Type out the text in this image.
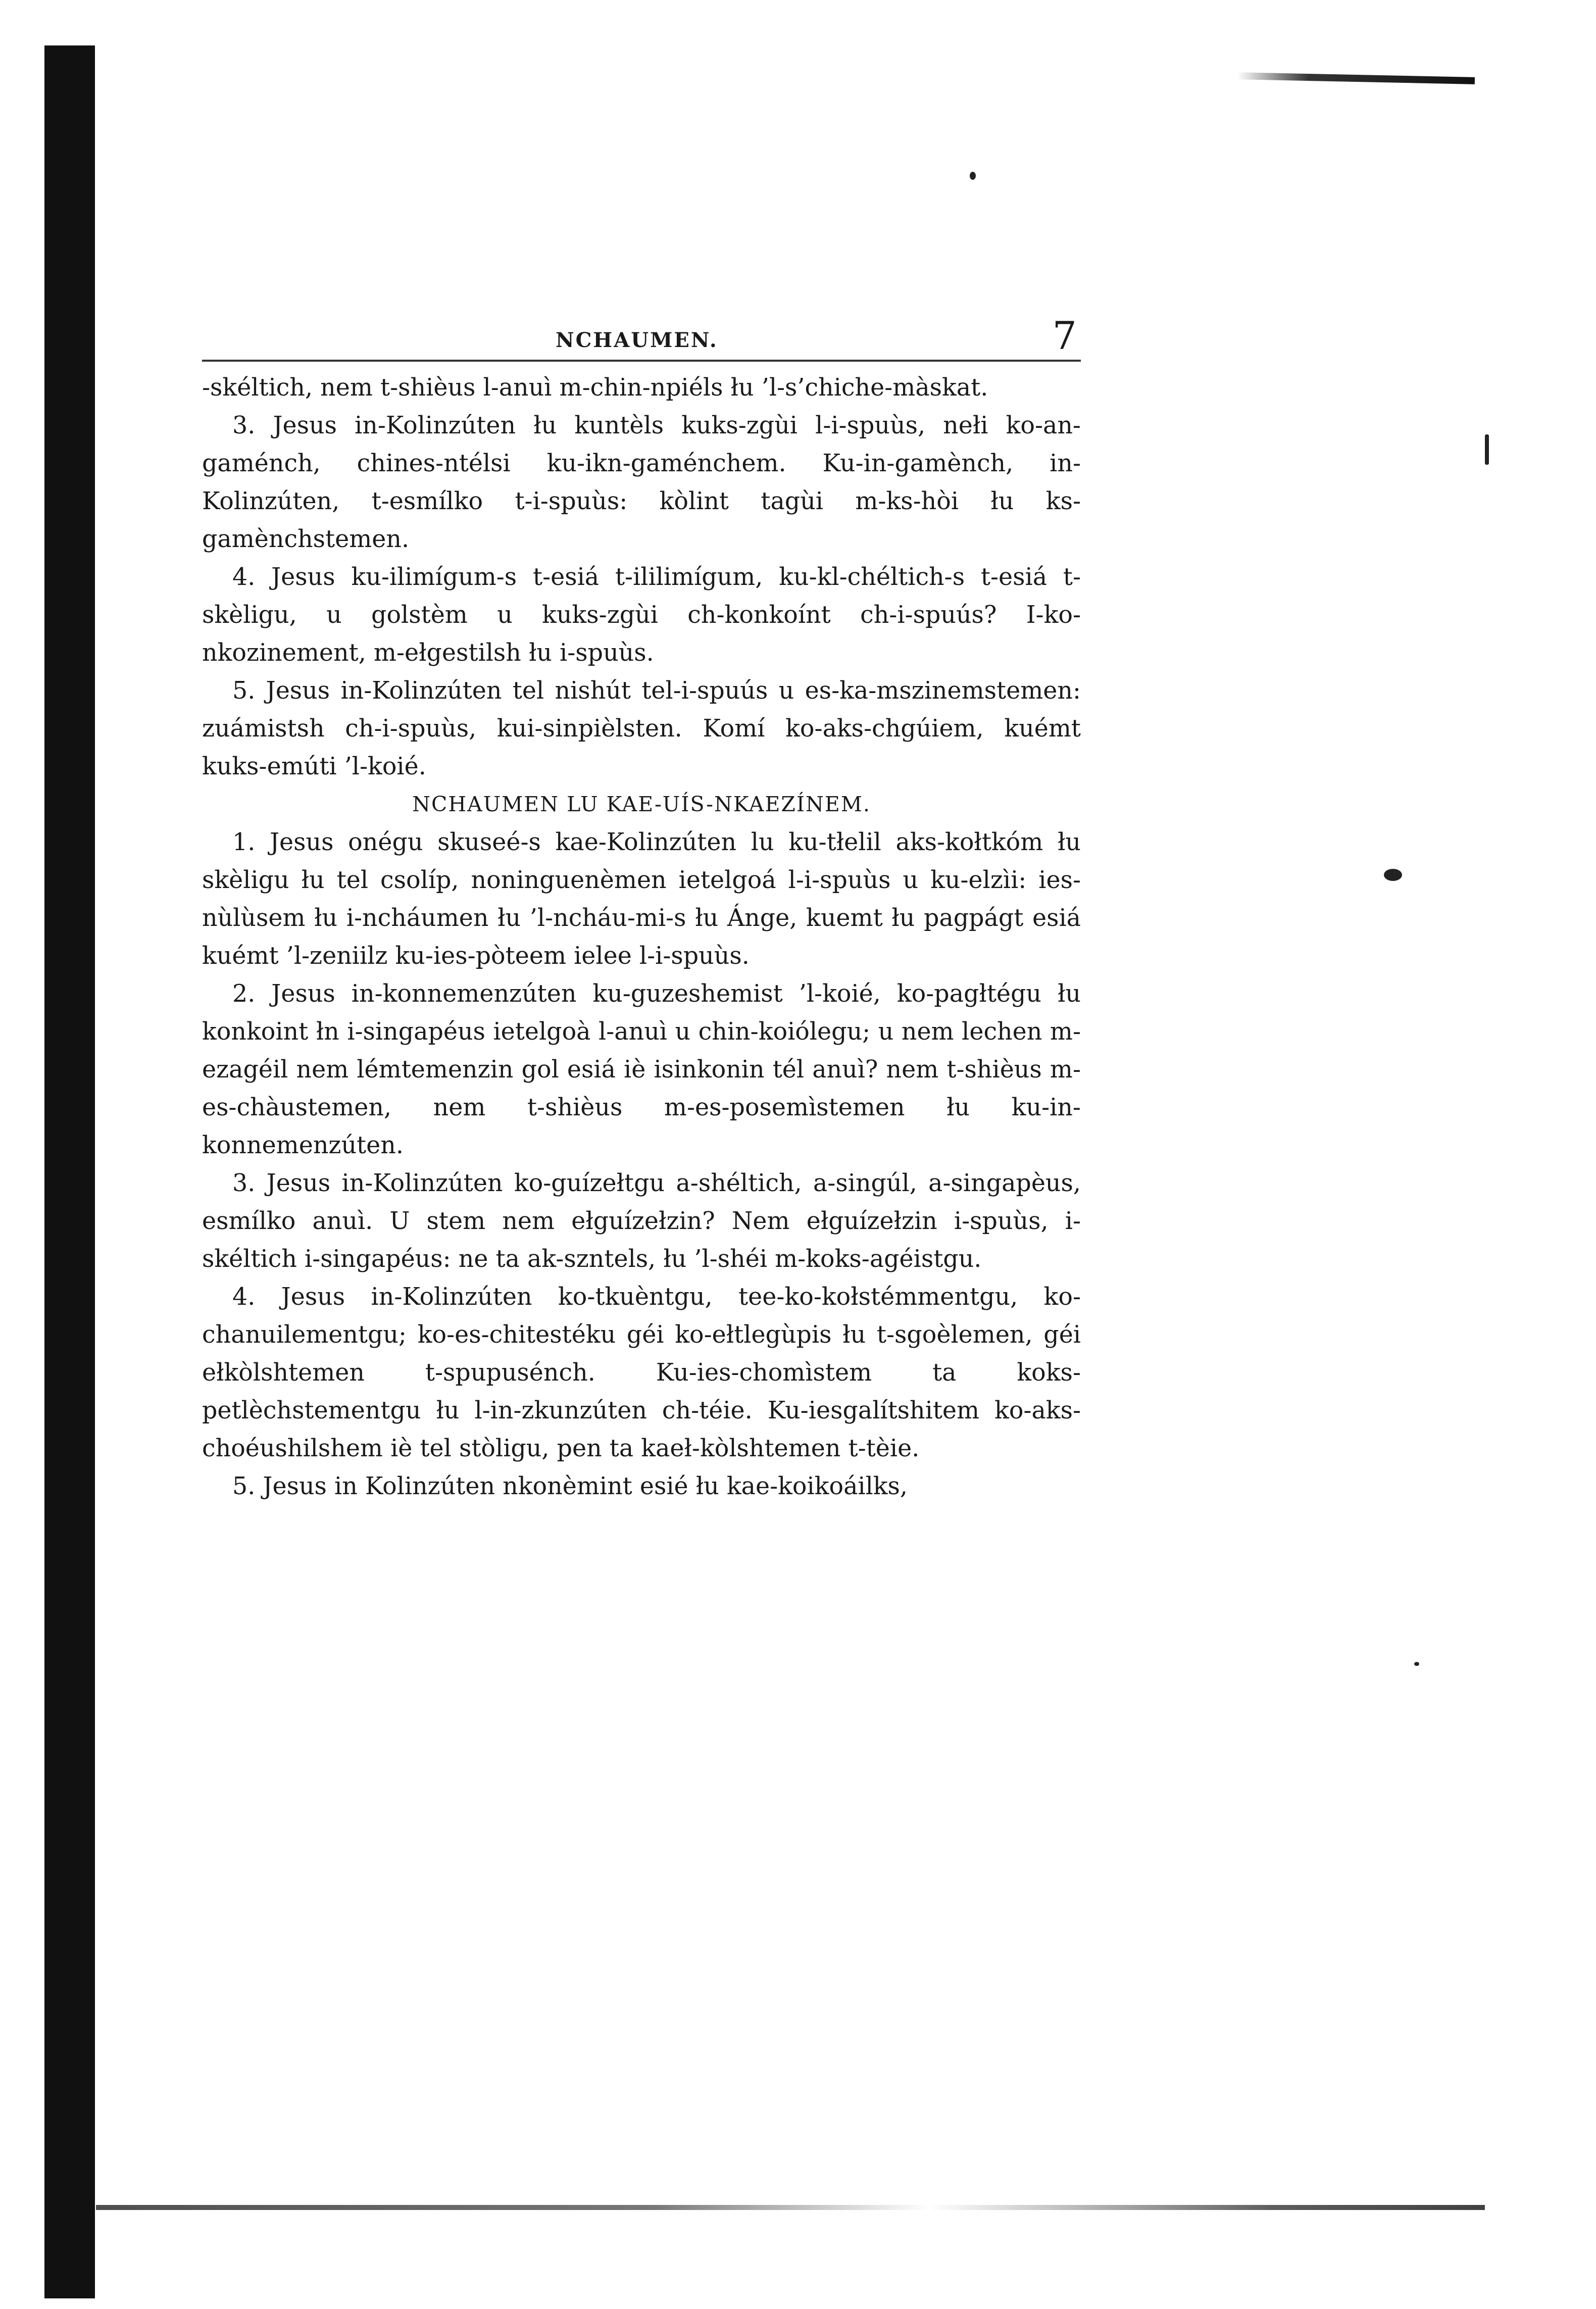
NCHAUMEN.	7

-skéltich, nem t-shièus l-anuì m-chin-npiéls łu ’l-s’chiche-màskat.

3. Jesus in-Kolinzúten łu kuntèls kuks-zgùi l-i-spuùs, nełi ko-an-gaménch, chines-ntélsi ku-ikn-gaménchem. Ku-in-gamènch, in-Kolinzúten, t-esmílko t-i-spuùs: kòlint tagùi m-ks-hòi łu ks-gamènchstemen.

4. Jesus ku-ilimígum-s t-esiá t-ililimígum, ku-kl-chéltich-s t-esiá t-skèligu, u golstèm u kuks-zgùi ch-konkoínt ch-i-spuús? I-ko-nkozinement, m-ełgestilsh łu i-spuùs.

5. Jesus in-Kolinzúten tel nishút tel-i-spuús u es-ka-mszinemstemen: zuámistsh ch-i-spuùs, kui-sinpièlsten. Komí ko-aks-chgúiem, kuémt kuks-emúti ’l-koié.

NCHAUMEN LU KAE-UÍS-NKAEZÍNEM.

1. Jesus onégu skuseé-s kae-Kolinzúten lu ku-tłelil aks-kołtkóm łu skèligu łu tel csolíp, noninguenèmen ietelgoá l-i-spuùs u ku-elzìi: ies-nùlùsem łu i-ncháumen łu ’l-ncháu-mi-s łu Ánge, kuemt łu pagpágt esiá kuémt ’l-zeniilz ku-ies-pòteem ielee l-i-spuùs.

2. Jesus in-konnemenzúten ku-guzeshemist ’l-koié, ko-pagłtégu łu konkoint łn i-singapéus ietelgoà l-anuì u chin-koiólegu; u nem lechen m-ezagéil nem lémtemenzin gol esiá iè isinkonin tél anuì? nem t-shièus m-es-chàustemen, nem t-shièus m-es-posemìstemen łu ku-in-konnemenzúten.

3. Jesus in-Kolinzúten ko-guízełtgu a-shéltich, a-singúl, a-singapèus, esmílko anuì. U stem nem ełguízełzin? Nem ełguízełzin i-spuùs, i-skéltich i-singapéus: ne ta ak-szntels, łu ’l-shéi m-koks-agéistgu.

4. Jesus in-Kolinzúten ko-tkuèntgu, tee-ko-kołstémmentgu, ko-chanuilementgu; ko-es-chitestéku géi ko-ełtlegùpis łu t-sgoèlemen, géi ełkòlshtemen t-spupusénch. Ku-ies-chomìstem ta koks-petlèchstementgu łu l-in-zkunzúten ch-téie. Ku-iesgalítshitem ko-aks-choéushilshem iè tel stòligu, pen ta kaeł-kòlshtemen t-tèie.

5. Jesus in Kolinzúten nkonèmint esié łu kae-koikoáilks,
